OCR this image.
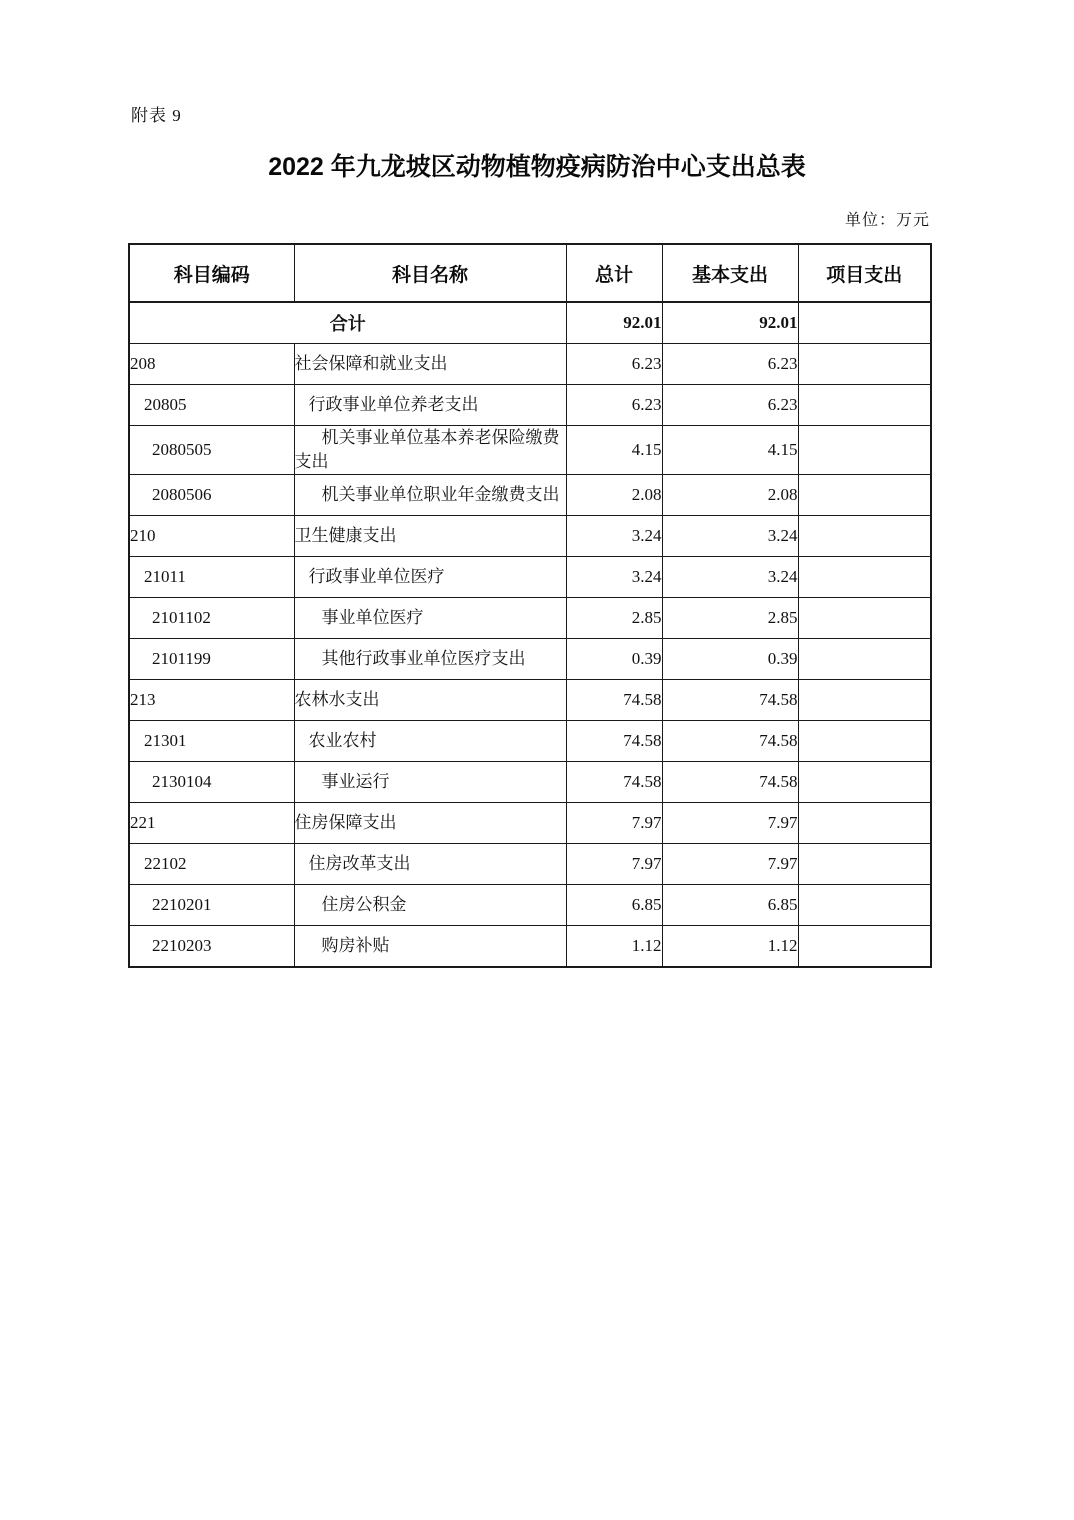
附表 9
2022 年九龙坡区动物植物疫病防治中心支出总表
单位：万元
科目编码	科目名称	总计	基本支出	项目支出
合计		92.01	92.01	
208	社会保障和就业支出	6.23	6.23	
20805	行政事业单位养老支出	6.23	6.23	
2080505	机关事业单位基本养老保险缴费支出	4.15	4.15	
2080506	机关事业单位职业年金缴费支出	2.08	2.08	
210	卫生健康支出	3.24	3.24	
21011	行政事业单位医疗	3.24	3.24	
2101102	事业单位医疗	2.85	2.85	
2101199	其他行政事业单位医疗支出	0.39	0.39	
213	农林水支出	74.58	74.58	
21301	农业农村	74.58	74.58	
2130104	事业运行	74.58	74.58	
221	住房保障支出	7.97	7.97	
22102	住房改革支出	7.97	7.97	
2210201	住房公积金	6.85	6.85	
2210203	购房补贴	1.12	1.12	
